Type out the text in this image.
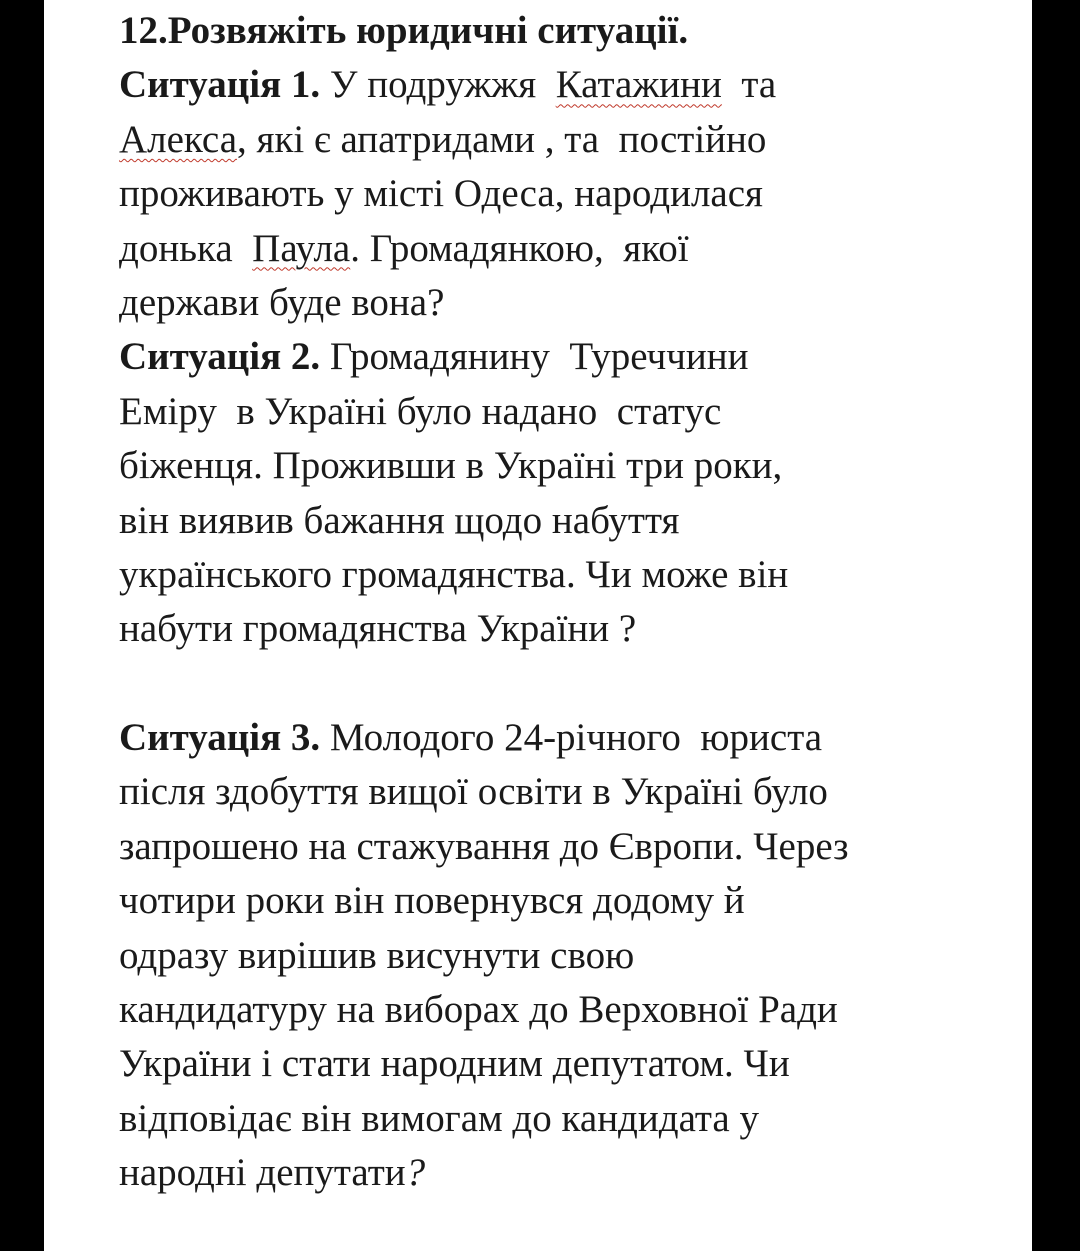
12.Розвяжіть юридичні ситуації.
Ситуація 1. У подружжя  Катажини  та
Алекса, які є апатридами , та  постійно
проживають у місті Одеса, народилася
донька  Паула. Громадянкою,  якої
держави буде вона?
Ситуація 2. Громадянину  Туреччини
Еміру  в Україні було надано  статус
біженця. Проживши в Україні три роки,
він виявив бажання щодо набуття
українського громадянства. Чи може він
набути громадянства України ?
Ситуація 3. Молодого 24-річного  юриста
після здобуття вищої освіти в Україні було
запрошено на стажування до Європи. Через
чотири роки він повернувся додому й
одразу вирішив висунути свою
кандидатуру на виборах до Верховної Ради
України і стати народним депутатом. Чи
відповідає він вимогам до кандидата у
народні депутати?
